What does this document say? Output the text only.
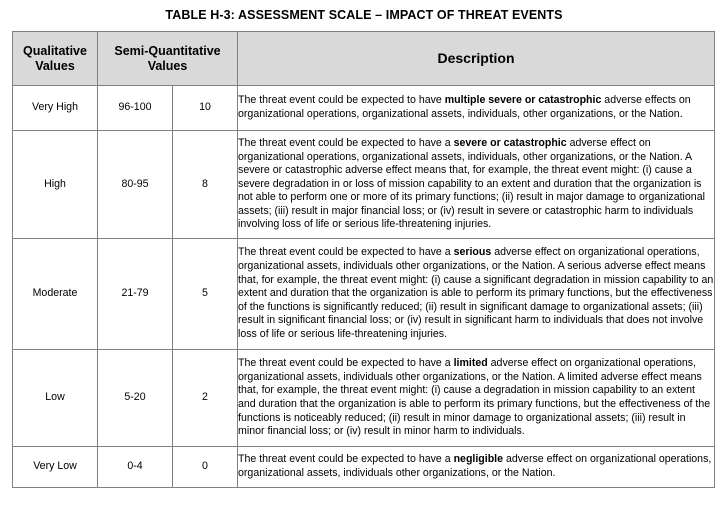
TABLE H-3: ASSESSMENT SCALE – IMPACT OF THREAT EVENTS
Qualitative Values	Semi-Quantitative Values		Description
Very High	96-100	10	The threat event could be expected to have multiple severe or catastrophic adverse effects on organizational operations, organizational assets, individuals, other organizations, or the Nation.
High	80-95	8	The threat event could be expected to have a severe or catastrophic adverse effect on organizational operations, organizational assets, individuals, other organizations, or the Nation. A severe or catastrophic adverse effect means that, for example, the threat event might: (i) cause a severe degradation in or loss of mission capability to an extent and duration that the organization is not able to perform one or more of its primary functions; (ii) result in major damage to organizational assets; (iii) result in major financial loss; or (iv) result in severe or catastrophic harm to individuals involving loss of life or serious life-threatening injuries.
Moderate	21-79	5	The threat event could be expected to have a serious adverse effect on organizational operations, organizational assets, individuals other organizations, or the Nation. A serious adverse effect means that, for example, the threat event might: (i) cause a significant degradation in mission capability to an extent and duration that the organization is able to perform its primary functions, but the effectiveness of the functions is significantly reduced; (ii) result in significant damage to organizational assets; (iii) result in significant financial loss; or (iv) result in significant harm to individuals that does not involve loss of life or serious life-threatening injuries.
Low	5-20	2	The threat event could be expected to have a limited adverse effect on organizational operations, organizational assets, individuals other organizations, or the Nation. A limited adverse effect means that, for example, the threat event might: (i) cause a degradation in mission capability to an extent and duration that the organization is able to perform its primary functions, but the effectiveness of the functions is noticeably reduced; (ii) result in minor damage to organizational assets; (iii) result in minor financial loss; or (iv) result in minor harm to individuals.
Very Low	0-4	0	The threat event could be expected to have a negligible adverse effect on organizational operations, organizational assets, individuals other organizations, or the Nation.
